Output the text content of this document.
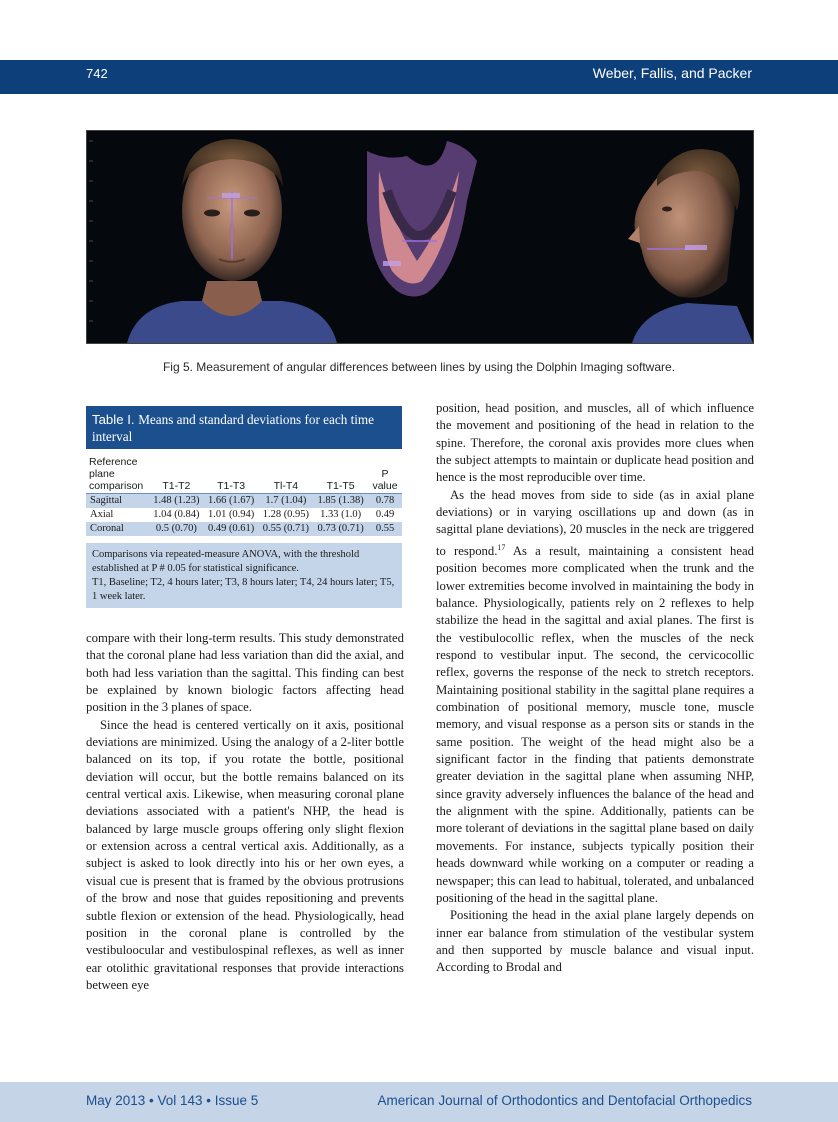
742	Weber, Fallis, and Packer
Fig 5. Measurement of angular differences between lines by using the Dolphin Imaging software.
Table I. Means and standard deviations for each time interval
Reference plane comparison	T1-T2	T1-T3	Tl-T4	T1-T5	P value
Sagittal	1.48 (1.23)	1.66 (1.67)	1.7 (1.04)	1.85 (1.38)	0.78
Axial	1.04 (0.84)	1.01 (0.94)	1.28 (0.95)	1.33 (1.0)	0.49
Coronal	0.5 (0.70)	0.49 (0.61)	0.55 (0.71)	0.73 (0.71)	0.55
Comparisons via repeated-measure ANOVA, with the threshold established at P # 0.05 for statistical significance.
T1, Baseline; T2, 4 hours later; T3, 8 hours later; T4, 24 hours later; T5, 1 week later.

compare with their long-term results. This study demonstrated that the coronal plane had less variation than did the axial, and both had less variation than the sagittal. This finding can best be explained by known biologic factors affecting head position in the 3 planes of space.

Since the head is centered vertically on it axis, positional deviations are minimized. Using the analogy of a 2-liter bottle balanced on its top, if you rotate the bottle, positional deviation will occur, but the bottle remains balanced on its central vertical axis. Likewise, when measuring coronal plane deviations associated with a patient's NHP, the head is balanced by large muscle groups offering only slight flexion or extension across a central vertical axis. Additionally, as a subject is asked to look directly into his or her own eyes, a visual cue is present that is framed by the obvious protrusions of the brow and nose that guides repositioning and prevents subtle flexion or extension of the head. Physiologically, head position in the coronal plane is controlled by the vestibuloocular and vestibulospinal reflexes, as well as inner ear otolithic gravitational responses that provide interactions between eye

position, head position, and muscles, all of which influence the movement and positioning of the head in relation to the spine. Therefore, the coronal axis provides more clues when the subject attempts to maintain or duplicate head position and hence is the most reproducible over time.

As the head moves from side to side (as in axial plane deviations) or in varying oscillations up and down (as in sagittal plane deviations), 20 muscles in the neck are triggered to respond.$^{17}$ As a result, maintaining a consistent head position becomes more complicated when the trunk and the lower extremities become involved in maintaining the body in balance. Physiologically, patients rely on 2 reflexes to help stabilize the head in the sagittal and axial planes. The first is the vestibulocollic reflex, when the muscles of the neck respond to vestibular input. The second, the cervicocollic reflex, governs the response of the neck to stretch receptors. Maintaining positional stability in the sagittal plane requires a combination of positional memory, muscle tone, muscle memory, and visual response as a person sits or stands in the same position. The weight of the head might also be a significant factor in the finding that patients demonstrate greater deviation in the sagittal plane when assuming NHP, since gravity adversely influences the balance of the head and the alignment with the spine. Additionally, patients can be more tolerant of deviations in the sagittal plane based on daily movements. For instance, subjects typically position their heads downward while working on a computer or reading a newspaper; this can lead to habitual, tolerated, and unbalanced positioning of the head in the sagittal plane.

Positioning the head in the axial plane largely depends on inner ear balance from stimulation of the vestibular system and then supported by muscle balance and visual input. According to Brodal and

May 2013 • Vol 143 • Issue 5	American Journal of Orthodontics and Dentofacial Orthopedics
